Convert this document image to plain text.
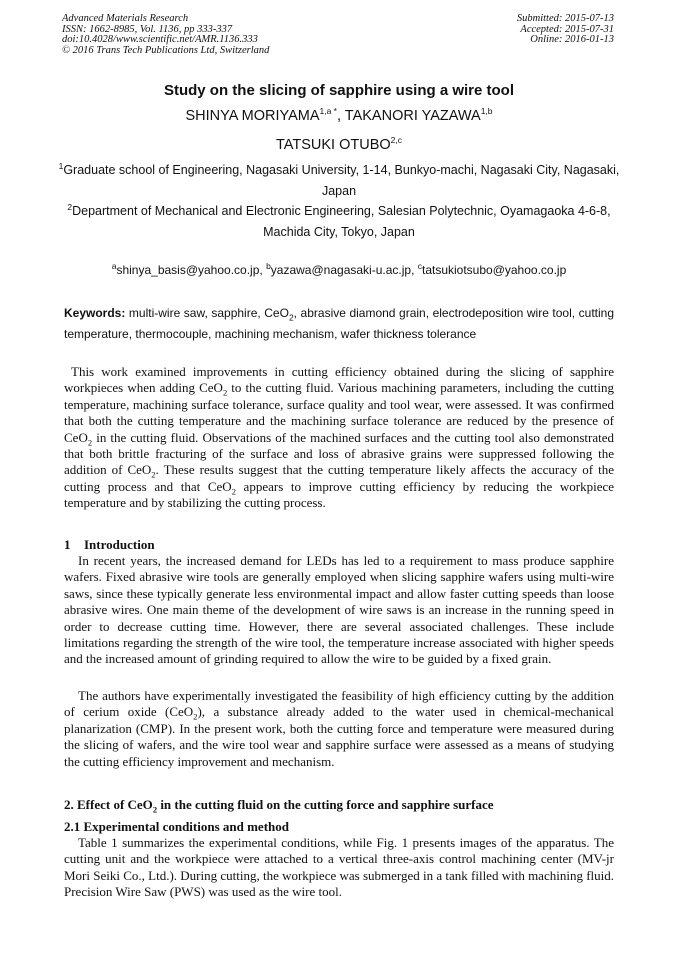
Advanced Materials Research
ISSN: 1662-8985, Vol. 1136, pp 333-337
doi:10.4028/www.scientific.net/AMR.1136.333
© 2016 Trans Tech Publications Ltd, Switzerland
Submitted: 2015-07-13
Accepted: 2015-07-31
Online: 2016-01-13
Study on the slicing of sapphire using a wire tool
SHINYA $MORIYAMA^{1,a *}$, TAKANORI YAZAWA$^{1,b}$
TATSUKI OTUBO$^{2,c}$
$^1$Graduate school of Engineering, Nagasaki University, 1-14, Bunkyo-machi, Nagasaki City, Nagasaki, Japan
$^2$Department of Mechanical and Electronic Engineering, Salesian Polytechnic, Oyamagaoka 4-6-8, Machida City, Tokyo, Japan
$^a$shinya_basis@yahoo.co.jp, $^b$yazawa@nagasaki-u.ac.jp, $^c$tatsukiotsubo@yahoo.co.jp
Keywords: multi-wire saw, sapphire, CeO$_2$, abrasive diamond grain, electrodeposition wire tool, cutting temperature, thermocouple, machining mechanism, wafer thickness tolerance
This work examined improvements in cutting efficiency obtained during the slicing of sapphire workpieces when adding CeO$_2$ to the cutting fluid. Various machining parameters, including the cutting temperature, machining surface tolerance, surface quality and tool wear, were assessed. It was confirmed that both the cutting temperature and the machining surface tolerance are reduced by the presence of CeO$_2$ in the cutting fluid. Observations of the machined surfaces and the cutting tool also demonstrated that both brittle fracturing of the surface and loss of abrasive grains were suppressed following the addition of CeO$_2$. These results suggest that the cutting temperature likely affects the accuracy of the cutting process and that CeO$_2$ appears to improve cutting efficiency by reducing the workpiece temperature and by stabilizing the cutting process.
1 Introduction
In recent years, the increased demand for LEDs has led to a requirement to mass produce sapphire wafers. Fixed abrasive wire tools are generally employed when slicing sapphire wafers using multi-wire saws, since these typically generate less environmental impact and allow faster cutting speeds than loose abrasive wires. One main theme of the development of wire saws is an increase in the running speed in order to decrease cutting time. However, there are several associated challenges. These include limitations regarding the strength of the wire tool, the temperature increase associated with higher speeds and the increased amount of grinding required to allow the wire to be guided by a fixed grain.
The authors have experimentally investigated the feasibility of high efficiency cutting by the addition of cerium oxide (CeO$_2$), a substance already added to the water used in chemical-mechanical planarization (CMP). In the present work, both the cutting force and temperature were measured during the slicing of wafers, and the wire tool wear and sapphire surface were assessed as a means of studying the cutting efficiency improvement and mechanism.
2. Effect of CeO$_2$ in the cutting fluid on the cutting force and sapphire surface
2.1 Experimental conditions and method
Table 1 summarizes the experimental conditions, while Fig. 1 presents images of the apparatus. The cutting unit and the workpiece were attached to a vertical three-axis control machining center (MV-jr Mori Seiki Co., Ltd.). During cutting, the workpiece was submerged in a tank filled with machining fluid. Precision Wire Saw (PWS) was used as the wire tool.
